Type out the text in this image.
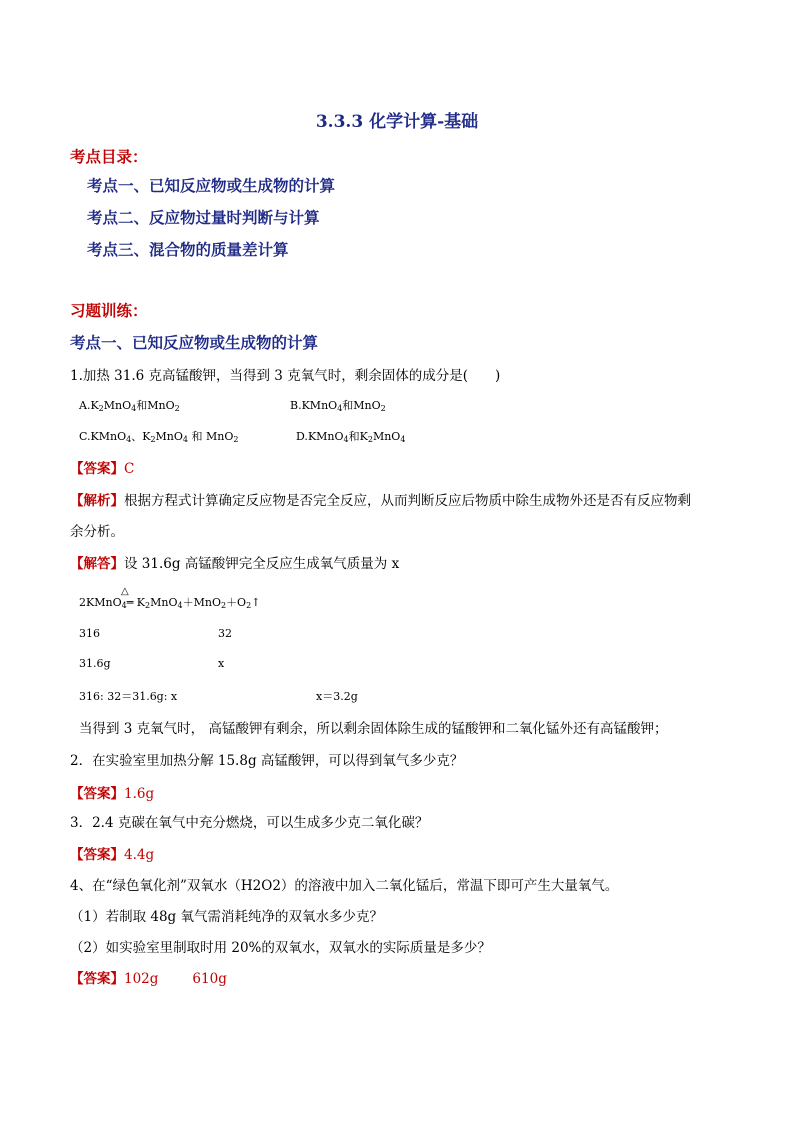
3.3.3 化学计算-基础
考点目录：
考点一、已知反应物或生成物的计算
考点二、反应物过量时判断与计算
考点三、混合物的质量差计算
习题训练：
考点一、已知反应物或生成物的计算
1.加热 31.6 克高锰酸钾，当得到 3 克氧气时，剩余固体的成分是(　　)
$A.K_2MnO_4$和MnO$_2$	B.KMnO$_4$和MnO$_2$
C.KMnO$_4$、$K_2MnO_4$ 和 MnO$_2$	D.KMnO$_4$和$K_2MnO_4$
【答案】C
【解析】根据方程式计算确定反应物是否完全反应，从而判断反应后物质中除生成物外还是否有反应物剩
余分析。
【解答】设 31.6g 高锰酸钾完全反应生成氧气质量为 x
△
2KMnO$_4$═ $K_2MnO_4+MnO_2+O_2↑$
316	32
31.6g	x
316: 32＝31.6g: x	x＝3.2g
当得到 3 克氧气时， 高锰酸钾有剩余，所以剩余固体除生成的锰酸钾和二氧化锰外还有高锰酸钾；
2．在实验室里加热分解 15.8g 高锰酸钾，可以得到氧气多少克？
【答案】1.6g
3．2.4 克碳在氧气中充分燃烧，可以生成多少克二氧化碳？
【答案】4.4g
4、在“绿色氧化剂”双氧水（H2O2）的溶液中加入二氧化锰后，常温下即可产生大量氧气。
（1）若制取 48g 氧气需消耗纯净的双氧水多少克？
（2）如实验室里制取时用 20%的双氧水，双氧水的实际质量是多少？
【答案】102g	610g
